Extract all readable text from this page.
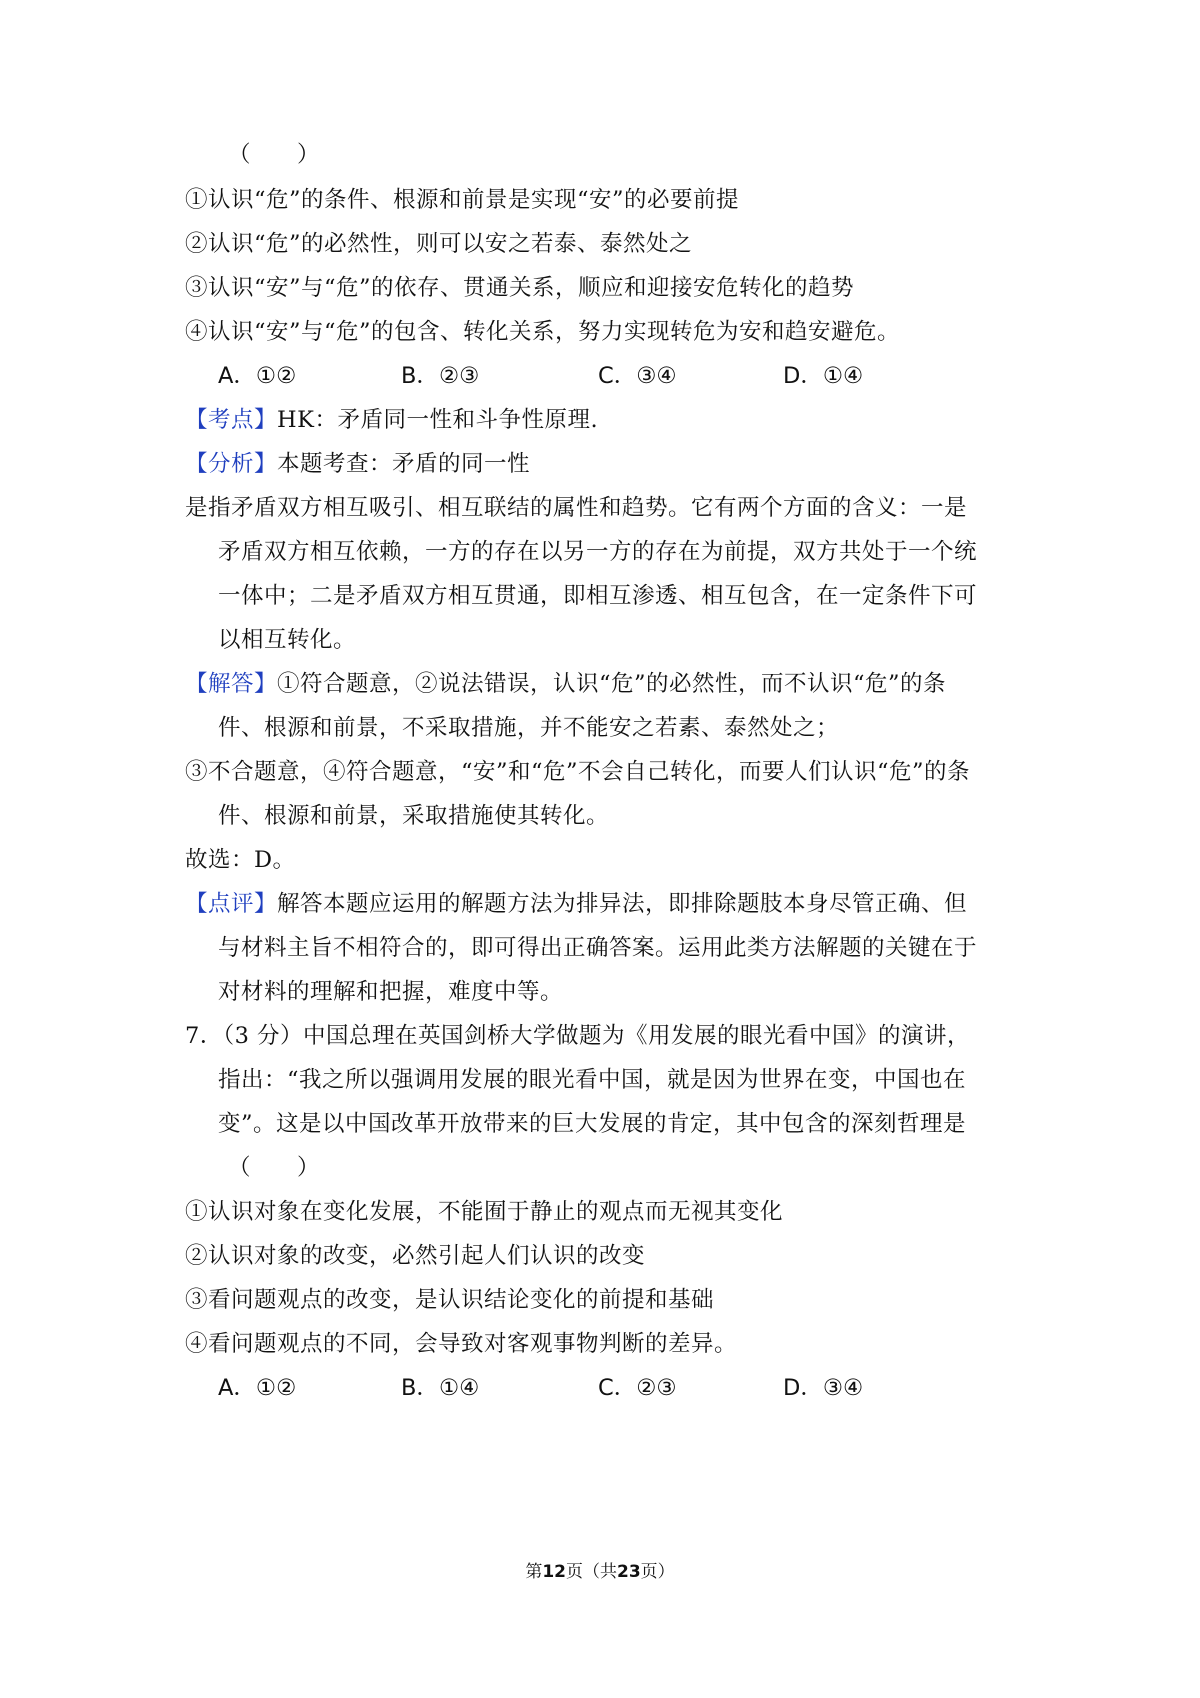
（　　）
①认识“危”的条件、根源和前景是实现“安”的必要前提
②认识“危”的必然性，则可以安之若泰、泰然处之
③认识“安”与“危”的依存、贯通关系，顺应和迎接安危转化的趋势
④认识“安”与“危”的包含、转化关系，努力实现转危为安和趋安避危。
A．①②	B．②③	C．③④	D．①④
【考点】HK：矛盾同一性和斗争性原理.
【分析】本题考查：矛盾的同一性
是指矛盾双方相互吸引、相互联结的属性和趋势。它有两个方面的含义：一是
矛盾双方相互依赖，一方的存在以另一方的存在为前提，双方共处于一个统
一体中；二是矛盾双方相互贯通，即相互渗透、相互包含，在一定条件下可
以相互转化。
【解答】①符合题意，②说法错误，认识“危”的必然性，而不认识“危”的条
件、根源和前景，不采取措施，并不能安之若素、泰然处之；
③不合题意，④符合题意，“安”和“危”不会自己转化，而要人们认识“危”的条
件、根源和前景，采取措施使其转化。
故选：D。
【点评】解答本题应运用的解题方法为排异法，即排除题肢本身尽管正确、但
与材料主旨不相符合的，即可得出正确答案。运用此类方法解题的关键在于
对材料的理解和把握，难度中等。
7．（3 分）中国总理在英国剑桥大学做题为《用发展的眼光看中国》的演讲，
指出：“我之所以强调用发展的眼光看中国，就是因为世界在变，中国也在
变”。这是以中国改革开放带来的巨大发展的肯定，其中包含的深刻哲理是
（　　）
①认识对象在变化发展，不能囿于静止的观点而无视其变化
②认识对象的改变，必然引起人们认识的改变
③看问题观点的改变，是认识结论变化的前提和基础
④看问题观点的不同，会导致对客观事物判断的差异。
A．①②	B．①④	C．②③	D．③④
第12页（共23页）
